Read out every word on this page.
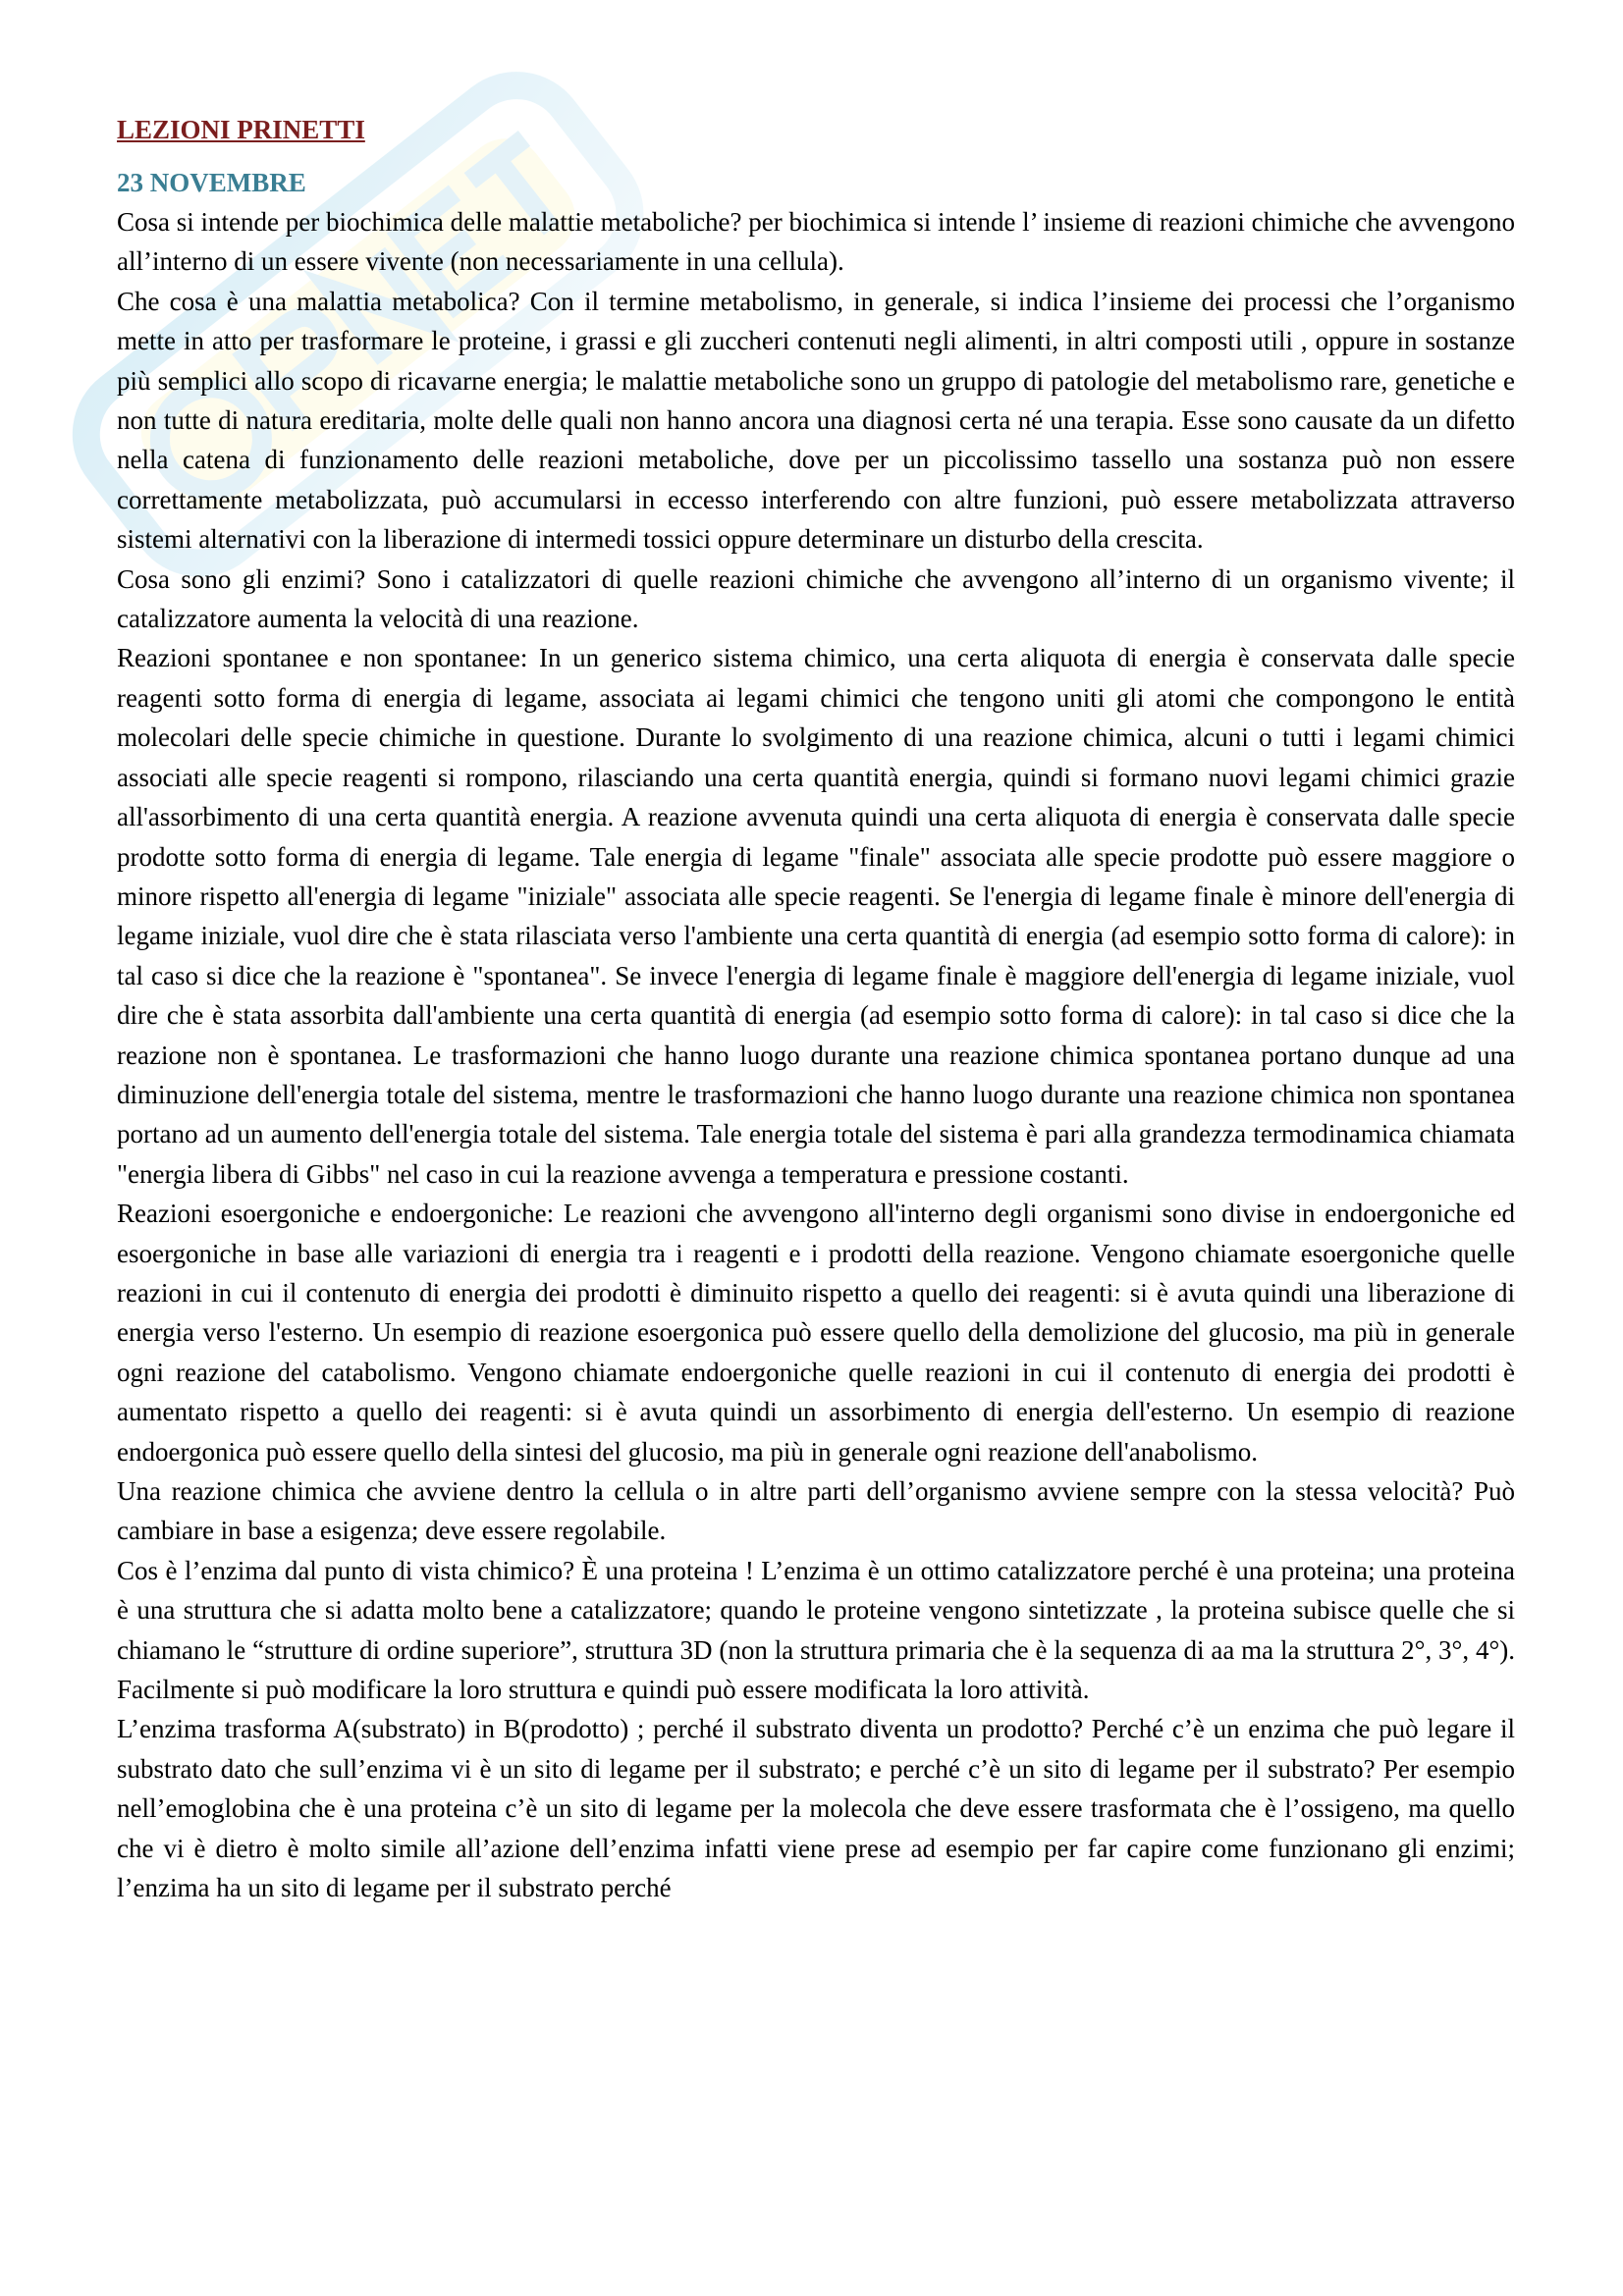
LEZIONI PRINETTI
23 NOVEMBRE

Cosa si intende per biochimica delle malattie metaboliche? per biochimica si intende l’ insieme di reazioni chimiche che avvengono all’interno di un essere vivente (non necessariamente in una cellula).

Che cosa è una malattia metabolica? Con il termine metabolismo, in generale, si indica l’insieme dei processi che l’organismo mette in atto per trasformare le proteine, i grassi e gli zuccheri contenuti negli alimenti, in altri composti utili , oppure in sostanze più semplici allo scopo di ricavarne energia; le malattie metaboliche sono un gruppo di patologie del metabolismo rare, genetiche e non tutte di natura ereditaria, molte delle quali non hanno ancora una diagnosi certa né una terapia. Esse sono causate da un difetto nella catena di funzionamento delle reazioni metaboliche, dove per un piccolissimo tassello una sostanza può non essere correttamente metabolizzata, può accumularsi in eccesso interferendo con altre funzioni, può essere metabolizzata attraverso sistemi alternativi con la liberazione di intermedi tossici oppure determinare un disturbo della crescita.

Cosa sono gli enzimi? Sono i catalizzatori di quelle reazioni chimiche che avvengono all’interno di un organismo vivente; il catalizzatore aumenta la velocità di una reazione.

Reazioni spontanee e non spontanee: In un generico sistema chimico, una certa aliquota di energia è conservata dalle specie reagenti sotto forma di energia di legame, associata ai legami chimici che tengono uniti gli atomi che compongono le entità molecolari delle specie chimiche in questione. Durante lo svolgimento di una reazione chimica, alcuni o tutti i legami chimici associati alle specie reagenti si rompono, rilasciando una certa quantità energia, quindi si formano nuovi legami chimici grazie all'assorbimento di una certa quantità energia. A reazione avvenuta quindi una certa aliquota di energia è conservata dalle specie prodotte sotto forma di energia di legame. Tale energia di legame "finale" associata alle specie prodotte può essere maggiore o minore rispetto all'energia di legame "iniziale" associata alle specie reagenti. Se l'energia di legame finale è minore dell'energia di legame iniziale, vuol dire che è stata rilasciata verso l'ambiente una certa quantità di energia (ad esempio sotto forma di calore): in tal caso si dice che la reazione è "spontanea". Se invece l'energia di legame finale è maggiore dell'energia di legame iniziale, vuol dire che è stata assorbita dall'ambiente una certa quantità di energia (ad esempio sotto forma di calore): in tal caso si dice che la reazione non è spontanea. Le trasformazioni che hanno luogo durante una reazione chimica spontanea portano dunque ad una diminuzione dell'energia totale del sistema, mentre le trasformazioni che hanno luogo durante una reazione chimica non spontanea portano ad un aumento dell'energia totale del sistema. Tale energia totale del sistema è pari alla grandezza termodinamica chiamata "energia libera di Gibbs" nel caso in cui la reazione avvenga a temperatura e pressione costanti.

Reazioni esoergoniche e endoergoniche: Le reazioni che avvengono all'interno degli organismi sono divise in endoergoniche ed esoergoniche in base alle variazioni di energia tra i reagenti e i prodotti della reazione. Vengono chiamate esoergoniche quelle reazioni in cui il contenuto di energia dei prodotti è diminuito rispetto a quello dei reagenti: si è avuta quindi una liberazione di energia verso l'esterno. Un esempio di reazione esoergonica può essere quello della demolizione del glucosio, ma più in generale ogni reazione del catabolismo. Vengono chiamate endoergoniche quelle reazioni in cui il contenuto di energia dei prodotti è aumentato rispetto a quello dei reagenti: si è avuta quindi un assorbimento di energia dell'esterno. Un esempio di reazione endoergonica può essere quello della sintesi del glucosio, ma più in generale ogni reazione dell'anabolismo.

Una reazione chimica che avviene dentro la cellula o in altre parti dell’organismo avviene sempre con la stessa velocità? Può cambiare in base a esigenza; deve essere regolabile.

Cos è l’enzima dal punto di vista chimico? È una proteina ! L’enzima è un ottimo catalizzatore perché è una proteina; una proteina è una struttura che si adatta molto bene a catalizzatore; quando le proteine vengono sintetizzate , la proteina subisce quelle che si chiamano le “strutture di ordine superiore”, struttura 3D (non la struttura primaria che è la sequenza di aa ma la struttura 2°, 3°, 4°). Facilmente si può modificare la loro struttura e quindi può essere modificata la loro attività.

L’enzima trasforma A(substrato) in B(prodotto) ; perché il substrato diventa un prodotto? Perché c’è un enzima che può legare il substrato dato che sull’enzima vi è un sito di legame per il substrato; e perché c’è un sito di legame per il substrato? Per esempio nell’emoglobina che è una proteina c’è un sito di legame per la molecola che deve essere trasformata che è l’ossigeno, ma quello che vi è dietro è molto simile all’azione dell’enzima infatti viene prese ad esempio per far capire come funzionano gli enzimi; l’enzima ha un sito di legame per il substrato perché
